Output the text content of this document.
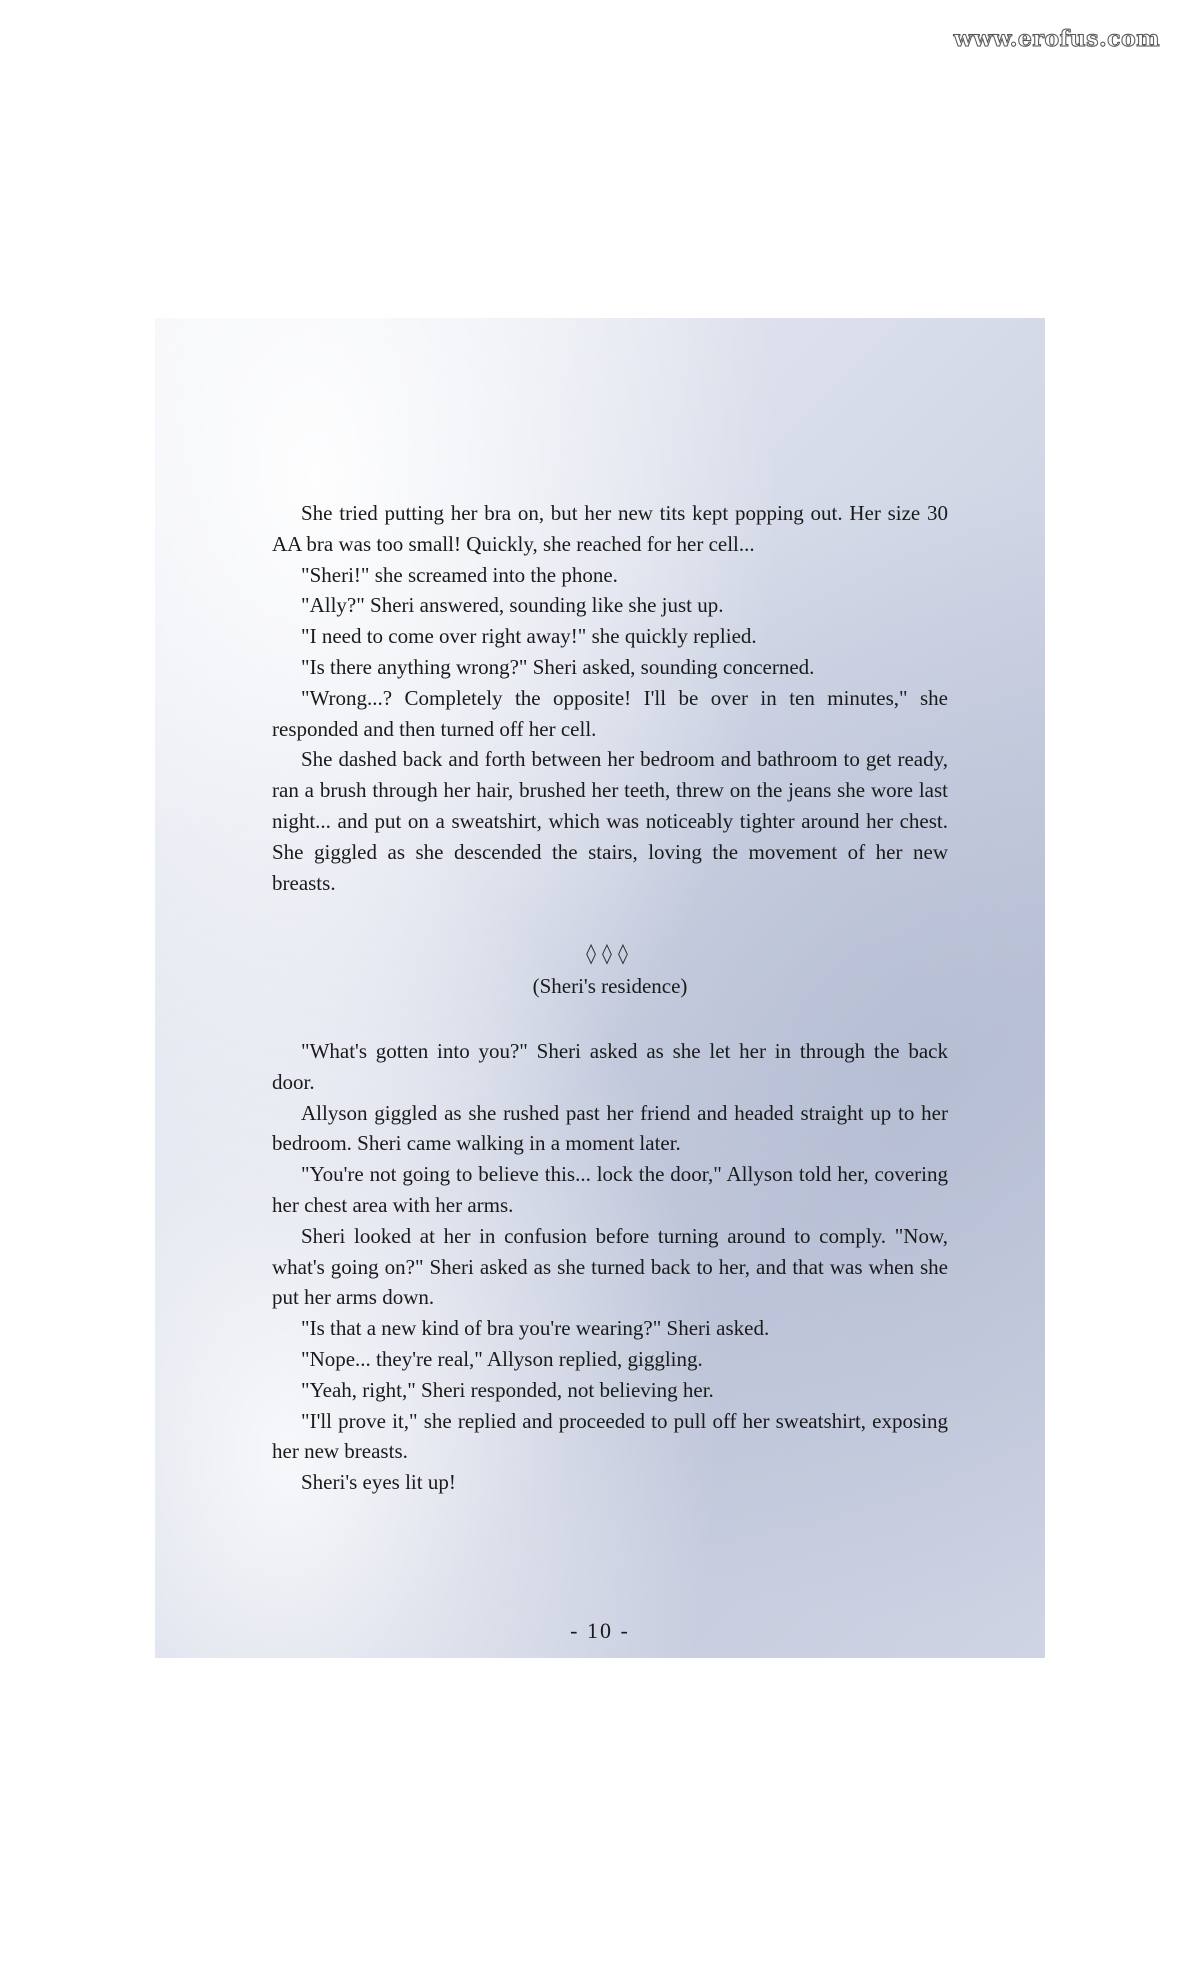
www.erofus.com

She tried putting her bra on, but her new tits kept popping out. Her size 30 AA bra was too small! Quickly, she reached for her cell...

"Sheri!" she screamed into the phone.

"Ally?" Sheri answered, sounding like she just up.

"I need to come over right away!" she quickly replied.

"Is there anything wrong?" Sheri asked, sounding concerned.

"Wrong...? Completely the opposite! I'll be over in ten minutes," she responded and then turned off her cell.

She dashed back and forth between her bedroom and bathroom to get ready, ran a brush through her hair, brushed her teeth, threw on the jeans she wore last night... and put on a sweatshirt, which was noticeably tighter around her chest. She giggled as she descended the stairs, loving the movement of her new breasts.

◊◊◊
(Sheri's residence)

"What's gotten into you?" Sheri asked as she let her in through the back door.

Allyson giggled as she rushed past her friend and headed straight up to her bedroom. Sheri came walking in a moment later.

"You're not going to believe this... lock the door," Allyson told her, covering her chest area with her arms.

Sheri looked at her in confusion before turning around to comply. "Now, what's going on?" Sheri asked as she turned back to her, and that was when she put her arms down.

"Is that a new kind of bra you're wearing?" Sheri asked.

"Nope... they're real," Allyson replied, giggling.

"Yeah, right," Sheri responded, not believing her.

"I'll prove it," she replied and proceeded to pull off her sweatshirt, exposing her new breasts.

Sheri's eyes lit up!

- 10 -
